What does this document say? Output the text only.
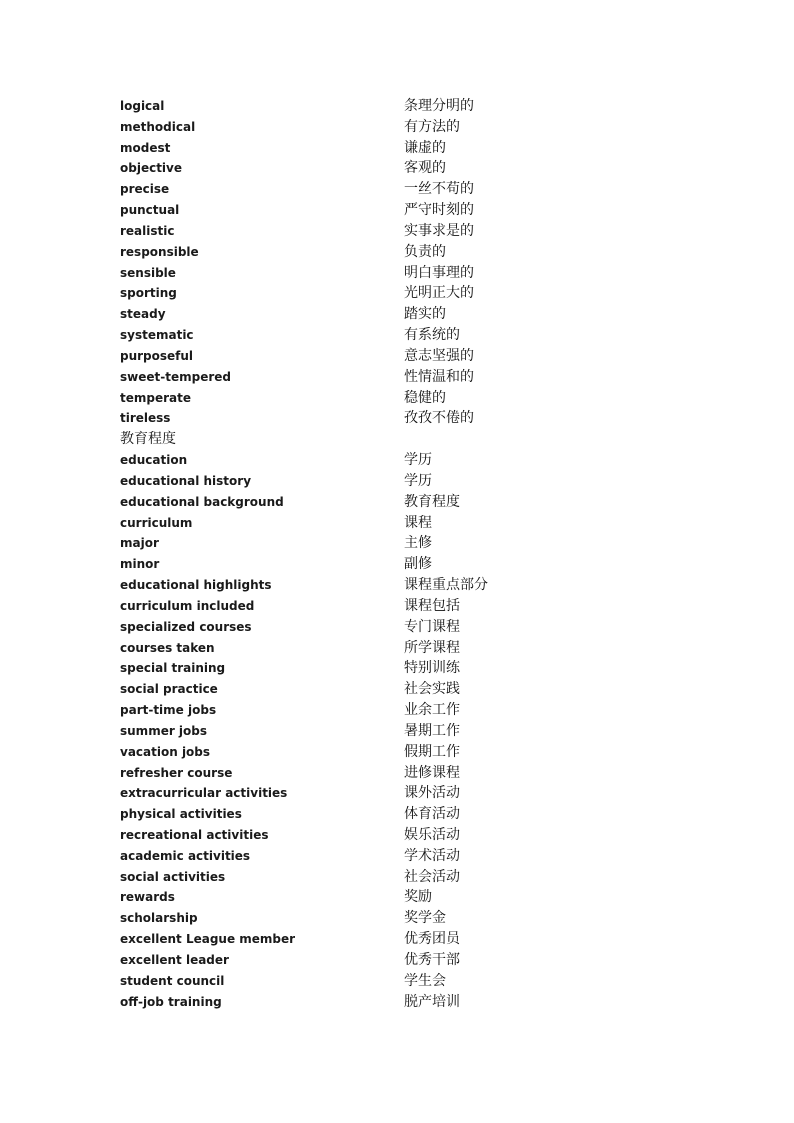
logical	条理分明的
methodical	有方法的
modest	谦虚的
objective	客观的
precise	一丝不苟的
punctual	严守时刻的
realistic	实事求是的
responsible	负责的
sensible	明白事理的
sporting	光明正大的
steady	踏实的
systematic	有系统的
purposeful	意志坚强的
sweet-tempered	性情温和的
temperate	稳健的
tireless	孜孜不倦的
教育程度
education	学历
educational history	学历
educational background	教育程度
curriculum	课程
major	主修
minor	副修
educational highlights	课程重点部分
curriculum included	课程包括
specialized courses	专门课程
courses taken	所学课程
special training	特别训练
social practice	社会实践
part-time jobs	业余工作
summer jobs	暑期工作
vacation jobs	假期工作
refresher course	进修课程
extracurricular activities	课外活动
physical activities	体育活动
recreational activities	娱乐活动
academic activities	学术活动
social activities	社会活动
rewards	奖励
scholarship	奖学金
excellent League member	优秀团员
excellent leader	优秀干部
student council	学生会
off-job training	脱产培训
